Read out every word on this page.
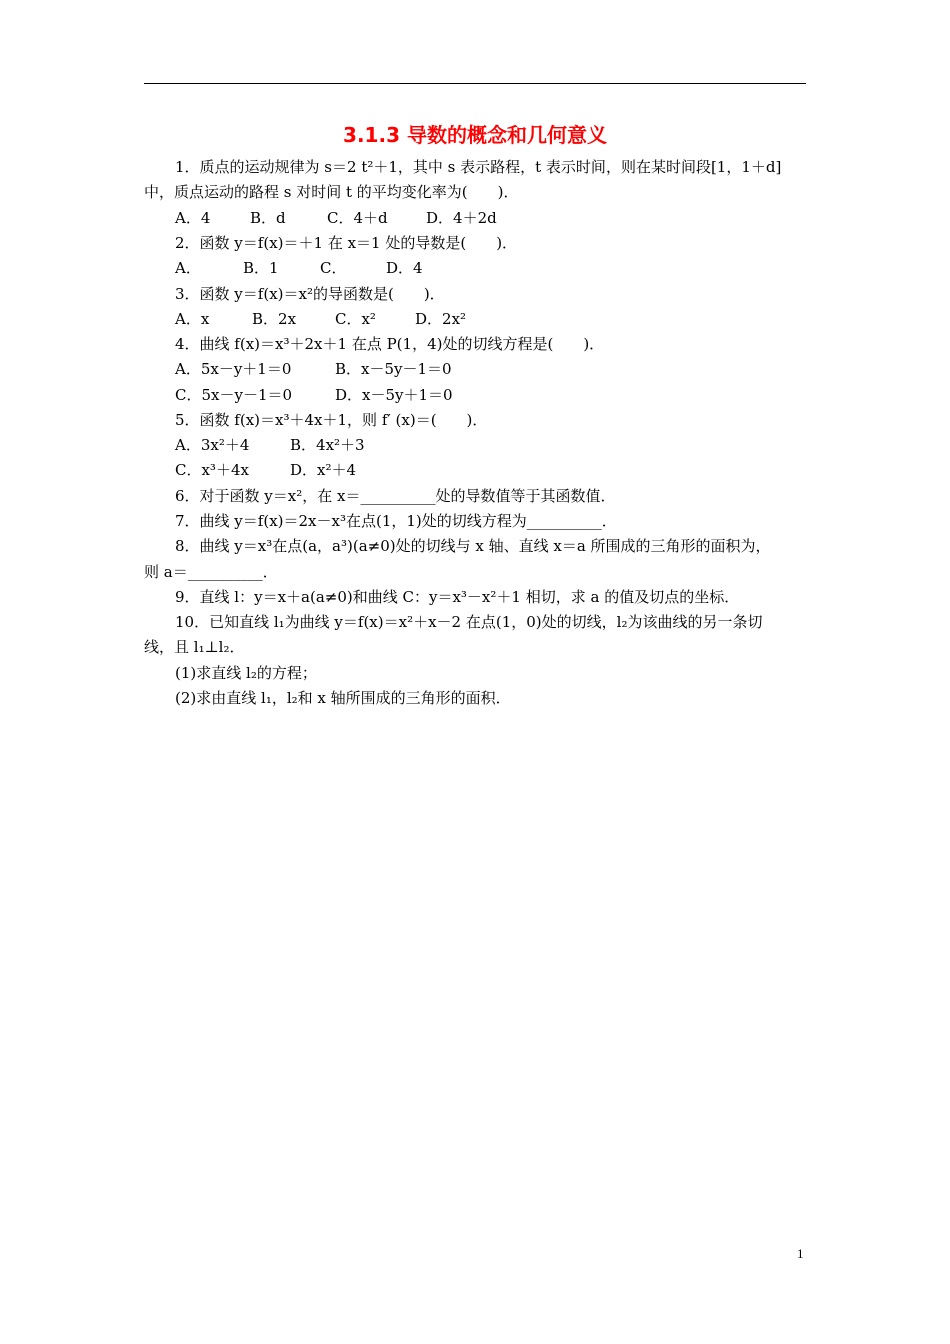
3.1.3 导数的概念和几何意义
1．质点的运动规律为 s＝2 t²＋1，其中 s 表示路程，t 表示时间，则在某时间段[1，1＋d]
中，质点运动的路程 s 对时间 t 的平均变化率为(　　)．
A．4	B．d	C．4＋d	D．4＋2d
2．函数 y＝f(x)＝＋1 在 x＝1 处的导数是(　　)．
A．	B．1	C．	D．4
3．函数 y＝f(x)＝x²的导函数是(　　)．
A．x	B．2x	C．x²	D．2x²
4．曲线 f(x)＝x³＋2x＋1 在点 P(1，4)处的切线方程是(　　)．
A．5x－y＋1＝0	B．x－5y－1＝0
C．5x－y－1＝0	D．x－5y＋1＝0
5．函数 f(x)＝x³＋4x＋1，则 f′ (x)＝(　　)．
A．3x²＋4	B．4x²＋3
C．x³＋4x	D．x²＋4
6．对于函数 y＝x²，在 x＝__________处的导数值等于其函数值．
7．曲线 y＝f(x)＝2x－x³在点(1，1)处的切线方程为__________．
8．曲线 y＝x³在点(a，a³)(a≠0)处的切线与 x 轴、直线 x＝a 所围成的三角形的面积为，
则 a＝__________．
9．直线 l：y＝x＋a(a≠0)和曲线 C：y＝x³－x²＋1 相切，求 a 的值及切点的坐标．
10．已知直线 l₁为曲线 y＝f(x)＝x²＋x－2 在点(1，0)处的切线，l₂为该曲线的另一条切
线，且 l₁⊥l₂．
(1)求直线 l₂的方程；
(2)求由直线 l₁，l₂和 x 轴所围成的三角形的面积．
1
